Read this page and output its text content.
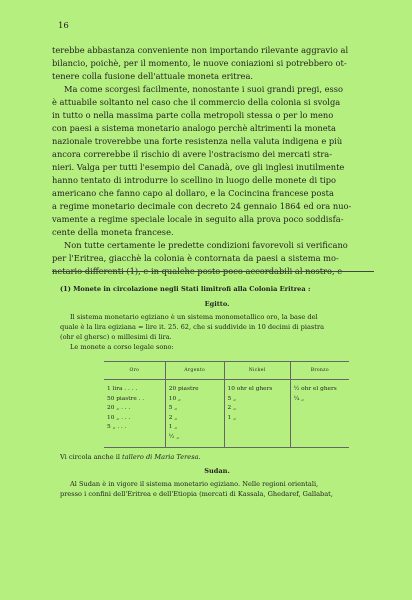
16
terebbe abbastanza conveniente non importando rilevante aggravio al
bilancio, poichè, per il momento, le nuove coniazioni si potrebbero ot-
tenere colla fusione dell'attuale moneta eritrea.
Ma come scorgesi facilmente, nonostante i suoi grandi pregi, esso
è attuabile soltanto nel caso che il commercio della colonia si svolga
in tutto o nella massima parte colla metropoli stessa o per lo meno
con paesi a sistema monetario analogo perchè altrimenti la moneta
nazionale troverebbe una forte resistenza nella valuta indigena e più
ancora correrebbe il rischio di avere l'ostracismo dei mercati stra-
nieri. Valga per tutti l'esempio del Canadà, ove gli inglesi inutilmente
hanno tentato di introdurre lo scellino in luogo delle monete di tipo
americano che fanno capo al dollaro, e la Cocincina francese posta
a regime monetario decimale con decreto 24 gennaio 1864 ed ora nuo-
vamente a regime speciale locale in seguito alla prova poco soddisfa-
cente della moneta francese.
Non tutte certamente le predette condizioni favorevoli si verificano
per l'Eritrea, giacchè la colonia è contornata da paesi a sistema mo-
netario differenti (1), e in qualche posto poco accordabili al nostro, e
(1) Monete in circolazione negli Stati limitrofi alla Colonia Eritrea :
Egitto.
Il sistema monetario egiziano è un sistema monometallico oro, la base del
quale è la lira egiziana = lire it. 25. 62, che si suddivide in 10 decimi di piastra
(ohr el ghersc) o millesimi di lira.
Le monete a corso legale sono:
Oro	Argento	Nickel	Bronzo
1 lira . . . .	20 piastre	10 ohr el ghers	½ ohr el ghers
50 piastre . .	10 „	5 „	¼ „
20 „ . . .	5 „	2 „	
10 „ . . .	2 „	1 „	
5 „ . . .	1 „		
	½ „		
Vi circola anche il tallero di Maria Teresa.
Sudan.
Al Sudan è in vigore il sistema monetario egiziano. Nelle regioni orientali,
presso i confini dell'Eritrea e dell'Etiopia (mercati di Kassala, Ghedaref, Gallabat,
